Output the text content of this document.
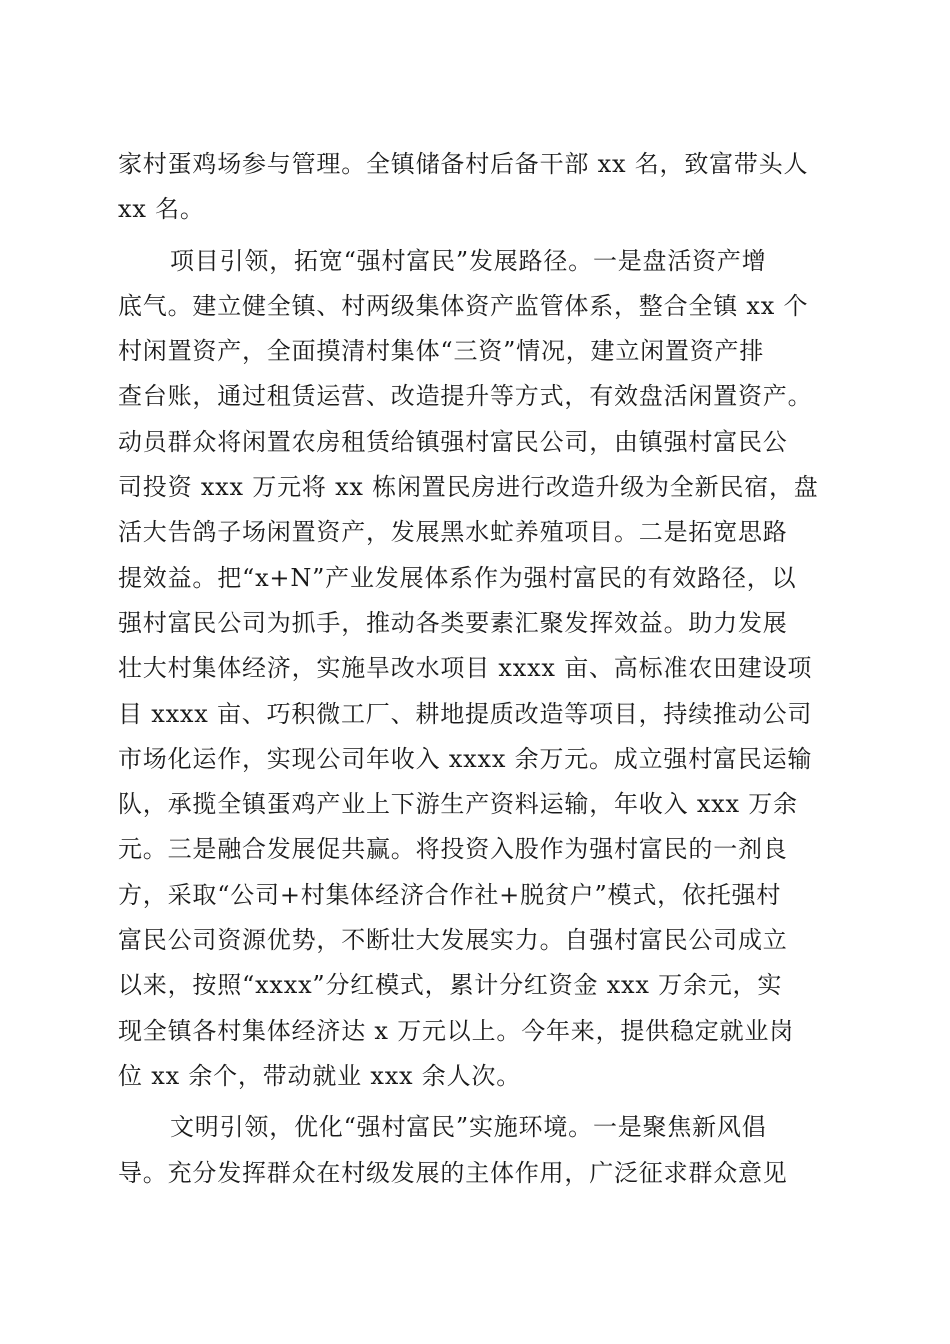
家村蛋鸡场参与管理。全镇储备村后备干部 xx 名，致富带头人
xx 名。
项目引领，拓宽“强村富民”发展路径。一是盘活资产增
底气。建立健全镇、村两级集体资产监管体系，整合全镇 xx 个
村闲置资产，全面摸清村集体“三资”情况，建立闲置资产排
查台账，通过租赁运营、改造提升等方式，有效盘活闲置资产。
动员群众将闲置农房租赁给镇强村富民公司，由镇强村富民公
司投资 xxx 万元将 xx 栋闲置民房进行改造升级为全新民宿，盘
活大告鸽子场闲置资产，发展黑水虻养殖项目。二是拓宽思路
提效益。把“x+N”产业发展体系作为强村富民的有效路径，以
强村富民公司为抓手，推动各类要素汇聚发挥效益。助力发展
壮大村集体经济，实施旱改水项目 xxxx 亩、高标准农田建设项
目 xxxx 亩、巧积微工厂、耕地提质改造等项目，持续推动公司
市场化运作，实现公司年收入 xxxx 余万元。成立强村富民运输
队，承揽全镇蛋鸡产业上下游生产资料运输，年收入 xxx 万余
元。三是融合发展促共赢。将投资入股作为强村富民的一剂良
方，采取“公司+村集体经济合作社+脱贫户”模式，依托强村
富民公司资源优势，不断壮大发展实力。自强村富民公司成立
以来，按照“xxxx”分红模式，累计分红资金 xxx 万余元，实
现全镇各村集体经济达 x 万元以上。今年来，提供稳定就业岗
位 xx 余个，带动就业 xxx 余人次。
文明引领，优化“强村富民”实施环境。一是聚焦新风倡
导。充分发挥群众在村级发展的主体作用，广泛征求群众意见
